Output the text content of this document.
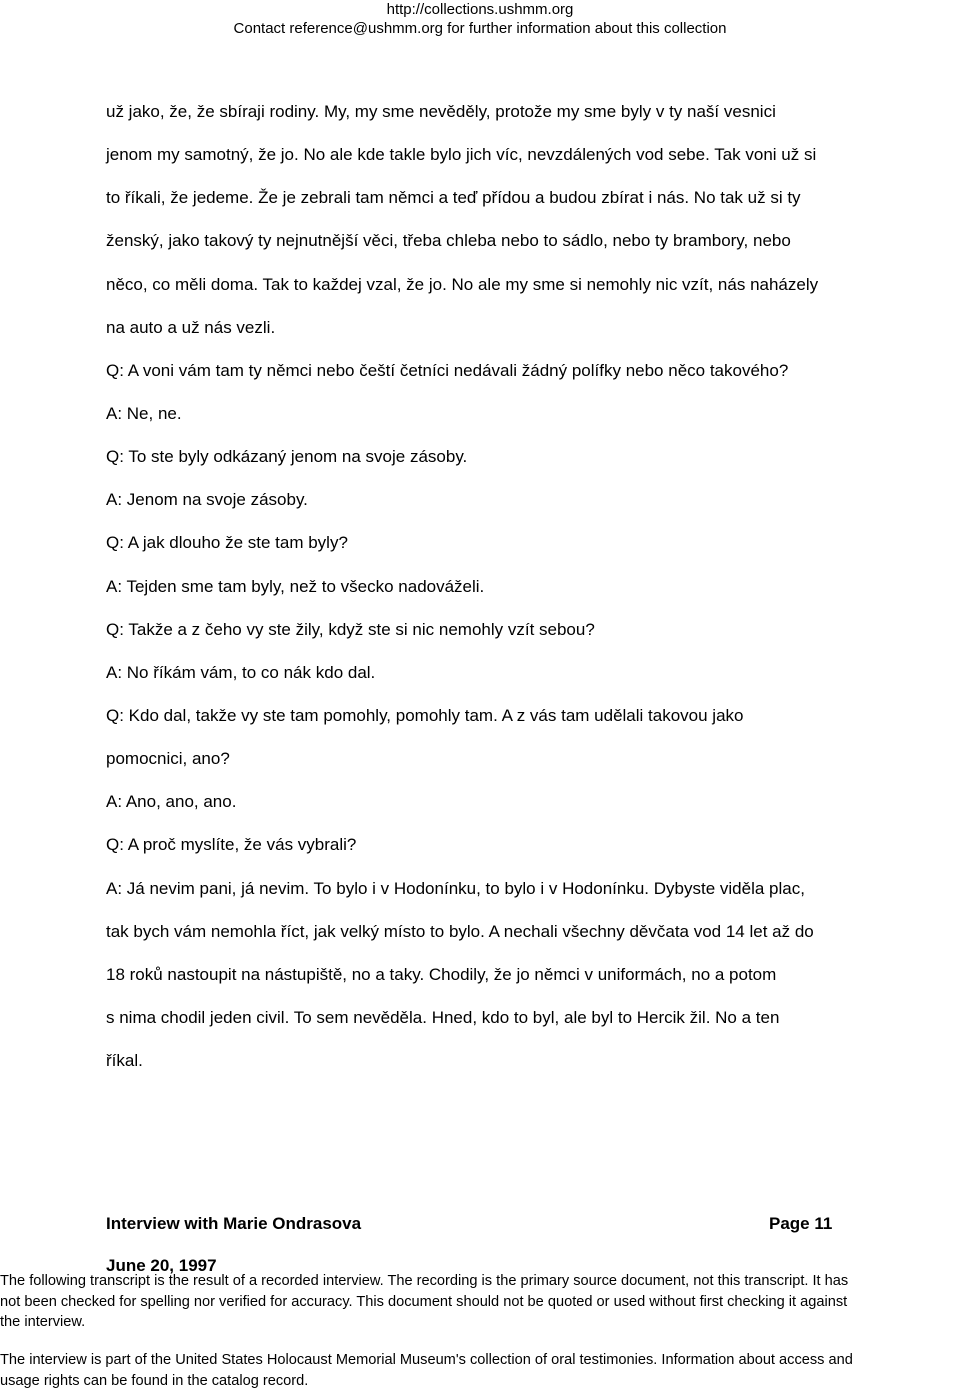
http://collections.ushmm.org
Contact reference@ushmm.org for further information about this collection
už jako, že, že sbíraji rodiny. My, my sme nevěděly, protože my sme byly v ty naší vesnici
jenom my samotný, že jo. No ale kde takle bylo jich víc, nevzdálených vod sebe. Tak voni už si
to říkali, že jedeme. Že je zebrali tam němci a teď přídou a budou zbírat i nás. No tak už si ty
ženský, jako takový ty nejnutnější věci, třeba chleba nebo to sádlo, nebo ty brambory, nebo
něco, co měli doma. Tak to každej vzal, že jo. No ale my sme si nemohly nic vzít, nás naházely
na auto a už nás vezli.
Q: A voni vám tam ty němci nebo čeští četníci nedávali žádný polífky nebo něco takového?
A: Ne, ne.
Q: To ste byly odkázaný jenom na svoje zásoby.
A: Jenom na svoje zásoby.
Q: A jak dlouho že ste tam byly?
A: Tejden sme tam byly, než to všecko nadováželi.
Q: Takže a z čeho vy ste žily, když ste si nic nemohly vzít sebou?
A: No říkám vám, to co nák kdo dal.
Q: Kdo dal, takže vy ste tam pomohly, pomohly tam. A z vás tam udělali takovou jako
pomocnici, ano?
A: Ano, ano, ano.
Q: A proč myslíte, že vás vybrali?
A: Já nevim pani, já nevim. To bylo i v Hodonínku, to bylo i v Hodonínku. Dybyste viděla plac,
tak bych vám nemohla říct, jak velký místo to bylo. A nechali všechny děvčata vod 14 let až do
18 roků nastoupit na nástupiště, no a taky. Chodily, že jo němci v uniformách, no a potom
s nima chodil jeden civil. To sem nevěděla. Hned, kdo to byl, ale byl to Hercik žil. No a ten
říkal.
Interview with Marie Ondrasova	Page 11
June 20, 1997
The following transcript is the result of a recorded interview. The recording is the primary source document, not this transcript. It has
not been checked for spelling nor verified for accuracy. This document should not be quoted or used without first checking it against
the interview.
The interview is part of the United States Holocaust Memorial Museum's collection of oral testimonies. Information about access and
usage rights can be found in the catalog record.
